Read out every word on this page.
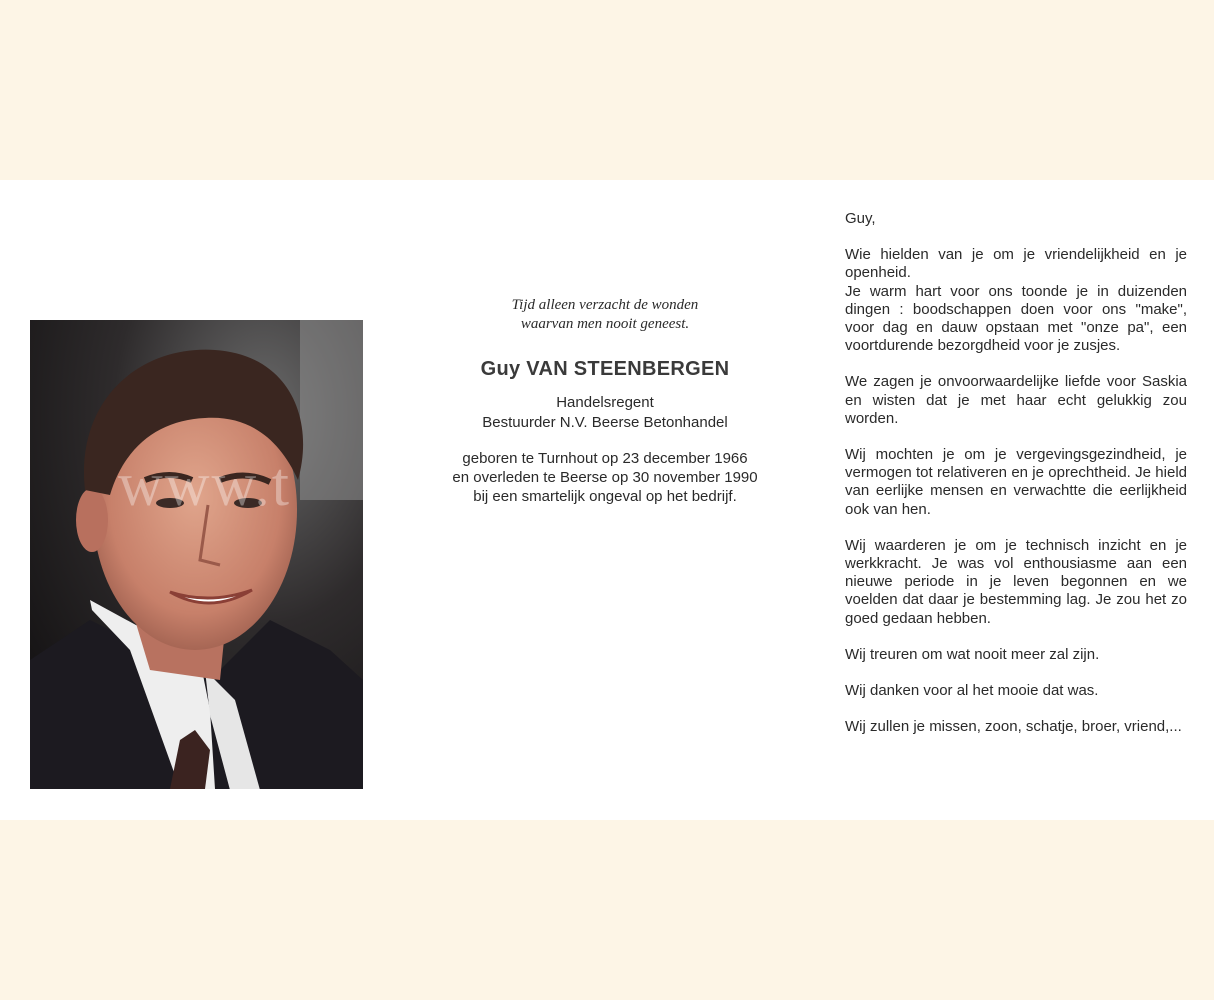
www.t
Tijd alleen verzacht de wonden
waarvan men nooit geneest.
Guy VAN STEENBERGEN
Handelsregent
Bestuurder N.V. Beerse Betonhandel
geboren te Turnhout op 23 december 1966
en overleden te Beerse op 30 november 1990
bij een smartelijk ongeval op het bedrijf.
Guy,

Wie hielden van je om je vriendelijkheid en je openheid.

Je warm hart voor ons toonde je in duizenden dingen : boodschappen doen voor ons "make", voor dag en dauw opstaan met "onze pa", een voortdurende bezorgdheid voor je zusjes.

We zagen je onvoorwaardelijke liefde voor Saskia en wisten dat je met haar echt gelukkig zou worden.

Wij mochten je om je vergevingsgezindheid, je vermogen tot relativeren en je oprechtheid. Je hield van eerlijke mensen en verwachtte die eerlijkheid ook van hen.

Wij waarderen je om je technisch inzicht en je werkkracht. Je was vol enthousiasme aan een nieuwe periode in je leven begonnen en we voelden dat daar je bestemming lag. Je zou het zo goed gedaan hebben.

Wij treuren om wat nooit meer zal zijn.

Wij danken voor al het mooie dat was.

Wij zullen je missen, zoon, schatje, broer, vriend,...
